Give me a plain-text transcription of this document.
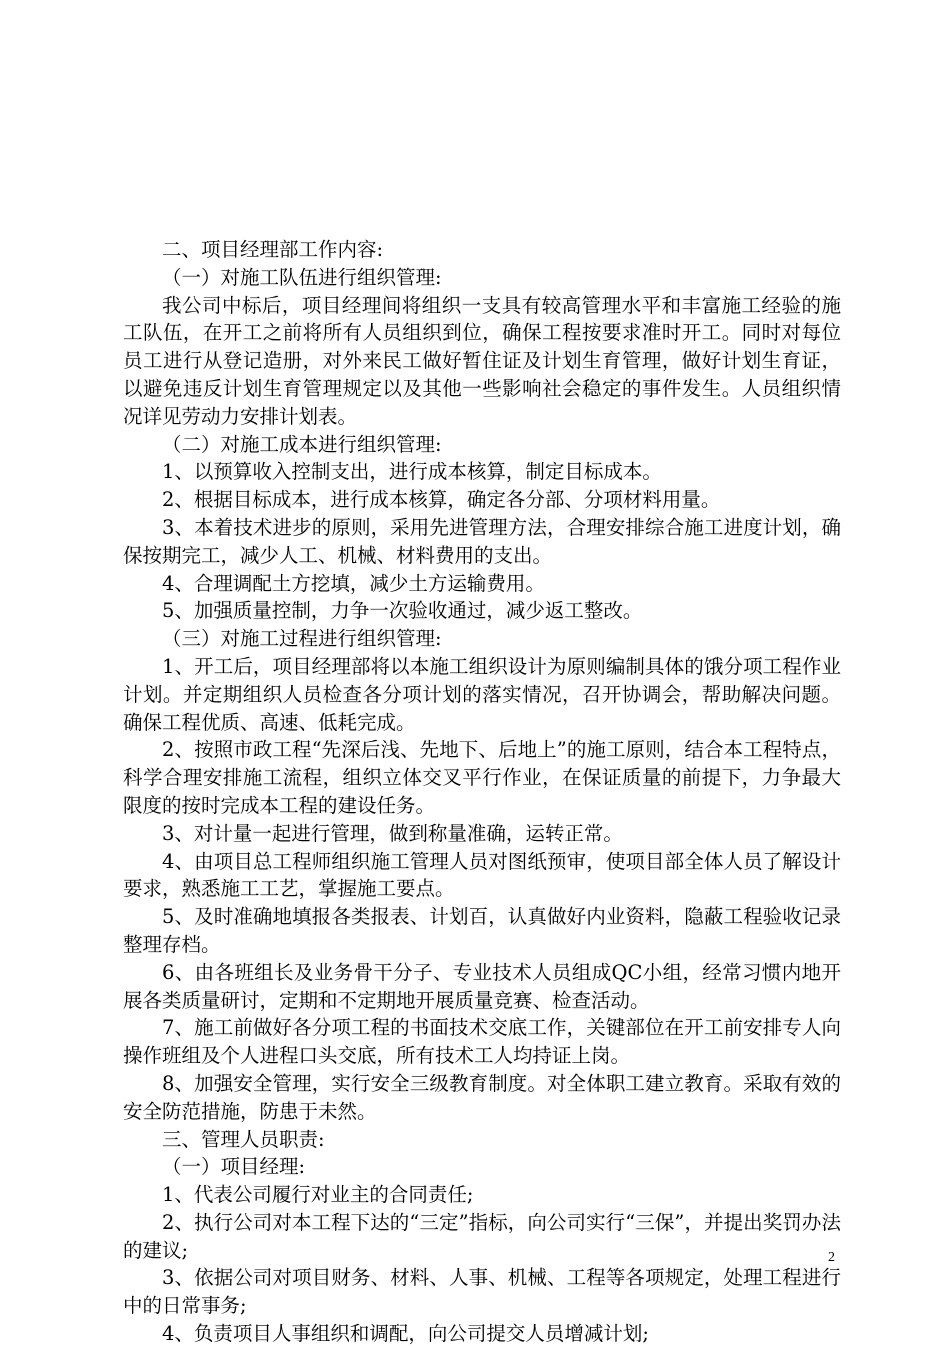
二、项目经理部工作内容:

（一）对施工队伍进行组织管理:

我公司中标后，项目经理间将组织一支具有较高管理水平和丰富施工经验的施工队伍，在开工之前将所有人员组织到位，确保工程按要求准时开工。同时对每位员工进行从登记造册，对外来民工做好暂住证及计划生育管理，做好计划生育证，以避免违反计划生育管理规定以及其他一些影响社会稳定的事件发生。人员组织情况详见劳动力安排计划表。

（二）对施工成本进行组织管理:

1、以预算收入控制支出，进行成本核算，制定目标成本。

2、根据目标成本，进行成本核算，确定各分部、分项材料用量。

3、本着技术进步的原则，采用先进管理方法，合理安排综合施工进度计划，确保按期完工，减少人工、机械、材料费用的支出。

4、合理调配土方挖填，减少土方运输费用。

5、加强质量控制，力争一次验收通过，减少返工整改。

（三）对施工过程进行组织管理:

1、开工后，项目经理部将以本施工组织设计为原则编制具体的饿分项工程作业计划。并定期组织人员检查各分项计划的落实情况，召开协调会，帮助解决问题。确保工程优质、高速、低耗完成。

2、按照市政工程“先深后浅、先地下、后地上”的施工原则，结合本工程特点，科学合理安排施工流程，组织立体交叉平行作业，在保证质量的前提下，力争最大限度的按时完成本工程的建设任务。

3、对计量一起进行管理，做到称量准确，运转正常。

4、由项目总工程师组织施工管理人员对图纸预审，使项目部全体人员了解设计要求，熟悉施工工艺，掌握施工要点。

5、及时准确地填报各类报表、计划百，认真做好内业资料，隐蔽工程验收记录整理存档。

6、由各班组长及业务骨干分子、专业技术人员组成QC小组，经常习惯内地开展各类质量研讨，定期和不定期地开展质量竞赛、检查活动。

7、施工前做好各分项工程的书面技术交底工作，关键部位在开工前安排专人向操作班组及个人进程口头交底，所有技术工人均持证上岗。

8、加强安全管理，实行安全三级教育制度。对全体职工建立教育。采取有效的安全防范措施，防患于未然。

三、管理人员职责:

（一）项目经理:

1、代表公司履行对业主的合同责任;

2、执行公司对本工程下达的“三定”指标，向公司实行“三保”，并提出奖罚办法的建议;

3、依据公司对项目财务、材料、人事、机械、工程等各项规定，处理工程进行中的日常事务;

4、负责项目人事组织和调配，向公司提交人员增减计划;

2
